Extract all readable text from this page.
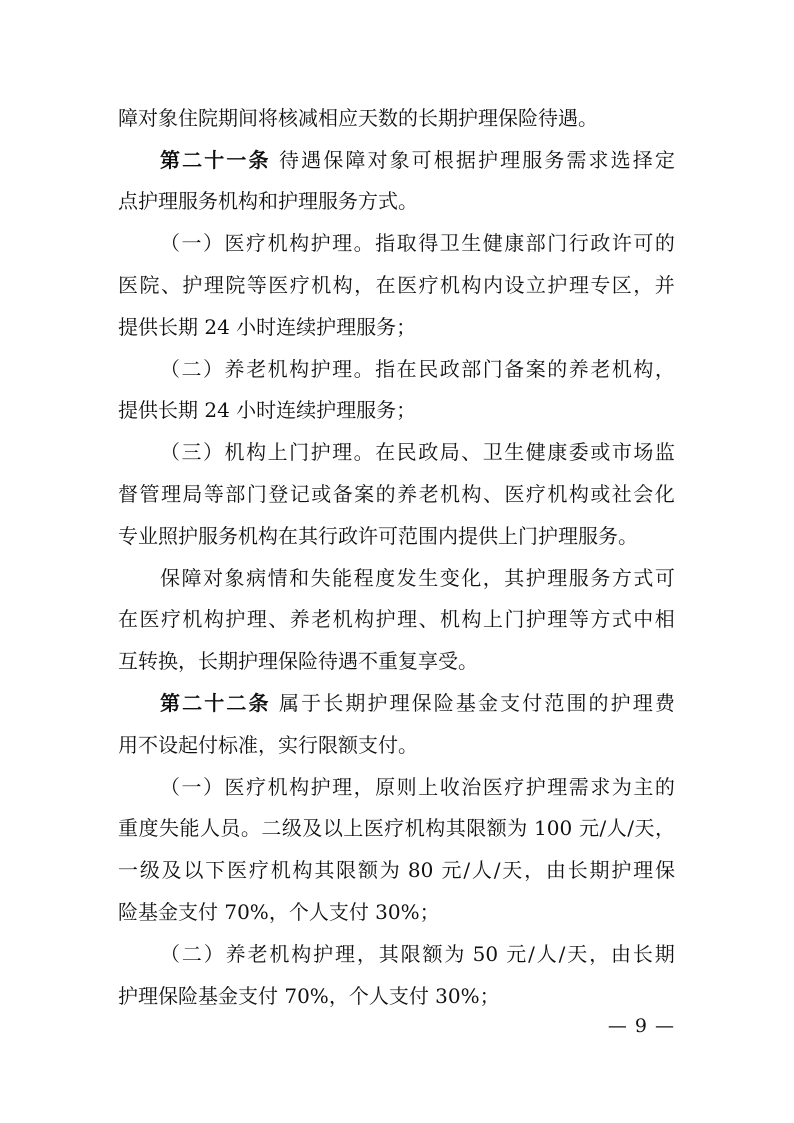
障 对 象 住 院 期 间 将 核 减 相 应 天 数 的 长 期 护 理 保 险 待 遇 。
第 二 十 一 条
待 遇 保 障 对 象 可 根 据 护 理 服 务 需 求 选 择 定
点 护 理 服 务 机 构 和 护 理 服 务 方 式 。
（ 一 ） 医 疗 机 构 护 理 。 指 取 得 卫 生 健 康 部 门 行 政 许 可 的
医 院 、 护 理 院 等 医 疗 机 构 ， 在 医 疗 机 构 内 设 立 护 理 专 区 ， 并
提 供 长 期 24 小 时 连 续 护 理 服 务 ；
（ 二 ） 养 老 机 构 护 理 。 指 在 民 政 部 门 备 案 的 养 老 机 构 ，
提 供 长 期 24 小 时 连 续 护 理 服 务 ；
（ 三 ） 机 构 上 门 护 理 。 在 民 政 局 、 卫 生 健 康 委 或 市 场 监
督 管 理 局 等 部 门 登 记 或 备 案 的 养 老 机 构 、 医 疗 机 构 或 社 会 化
专 业 照 护 服 务 机 构 在 其 行 政 许 可 范 围 内 提 供 上 门 护 理 服 务 。
保 障 对 象 病 情 和 失 能 程 度 发 生 变 化 ， 其 护 理 服 务 方 式 可
在 医 疗 机 构 护 理 、 养 老 机 构 护 理 、 机 构 上 门 护 理 等 方 式 中 相
互 转 换 ， 长 期 护 理 保 险 待 遇 不 重 复 享 受 。
第 二 十 二 条
属 于 长 期 护 理 保 险 基 金 支 付 范 围 的 护 理 费
用 不 设 起 付 标 准 ， 实 行 限 额 支 付 。
（ 一 ） 医 疗 机 构 护 理 ， 原 则 上 收 治 医 疗 护 理 需 求 为 主 的
重 度 失 能 人 员 。 二 级 及 以 上 医 疗 机 构 其 限 额 为 100 元 / 人 / 天 ，
一 级 及 以 下 医 疗 机 构 其 限 额 为 80 元 / 人 / 天 ， 由 长 期 护 理 保
险 基 金 支 付 70% ， 个 人 支 付 30% ；
（ 二 ） 养 老 机 构 护 理 ， 其 限 额 为 50 元 / 人 / 天 ， 由 长 期
护 理 保 险 基 金 支 付 70% ， 个 人 支 付 30% ；
— 9 —
